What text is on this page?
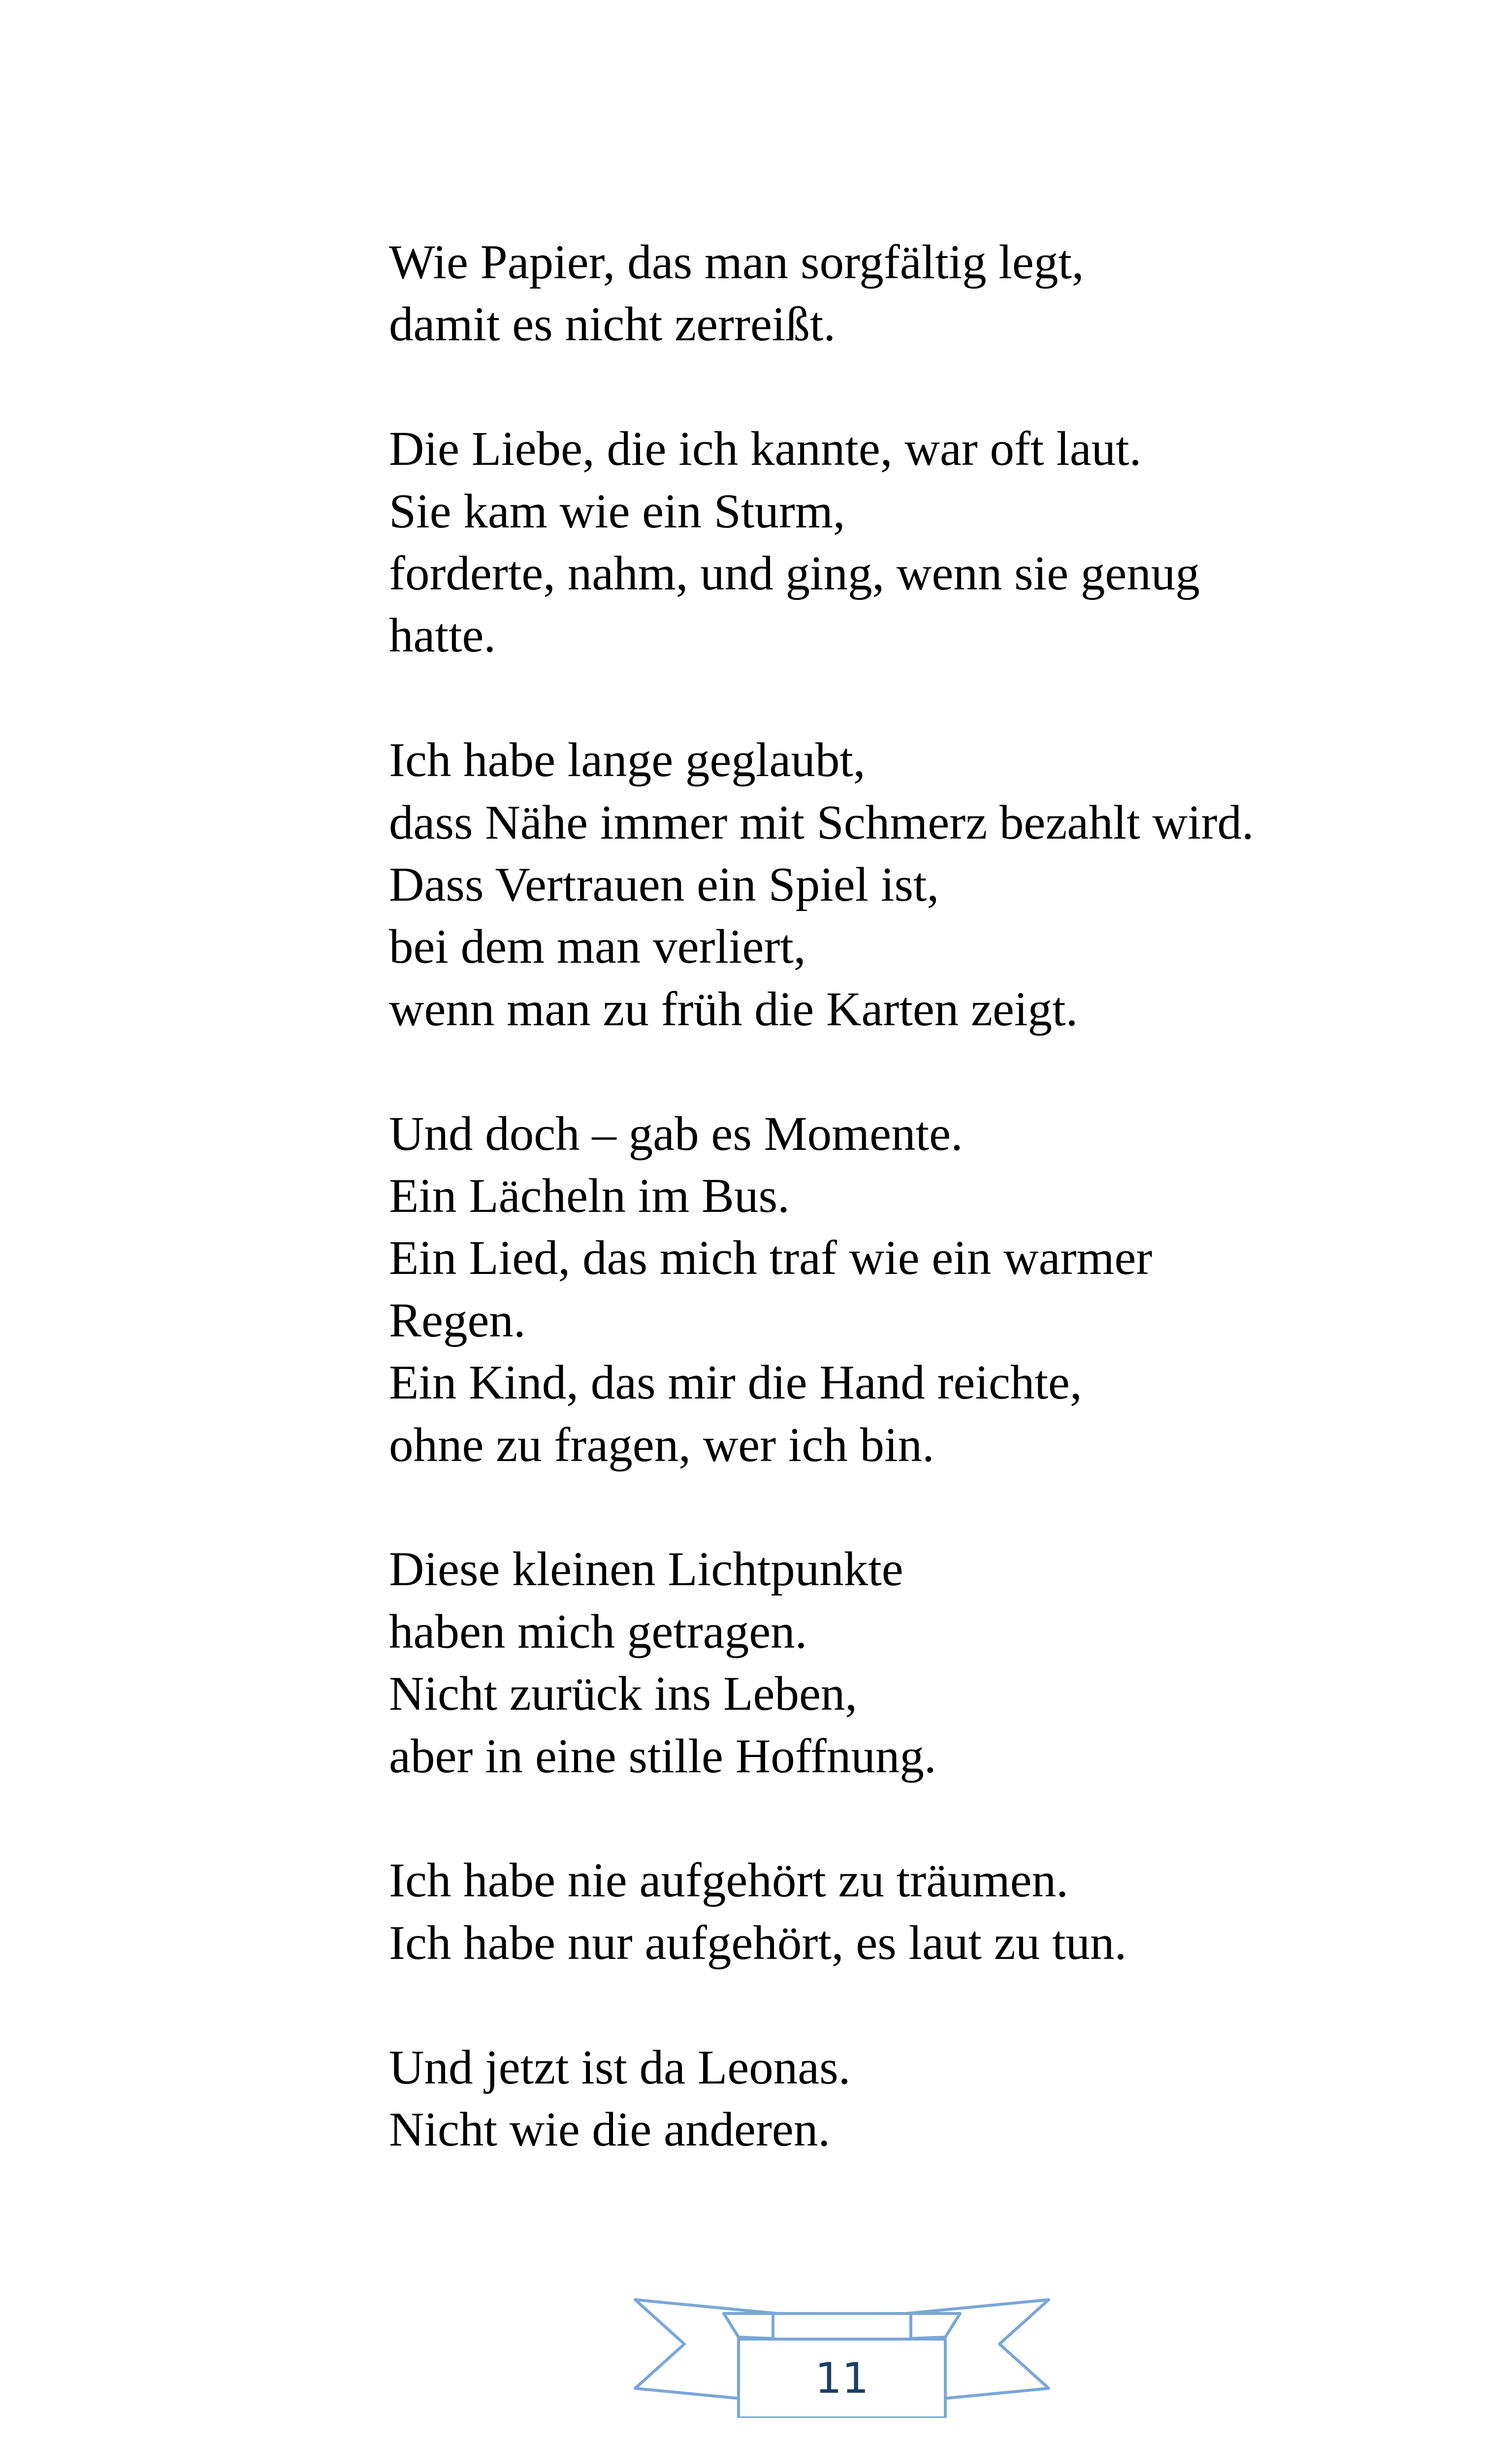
Wie Papier, das man sorgfältig legt,
damit es nicht zerreißt.
Die Liebe, die ich kannte, war oft laut.
Sie kam wie ein Sturm,
forderte, nahm, und ging, wenn sie genug
hatte.
Ich habe lange geglaubt,
dass Nähe immer mit Schmerz bezahlt wird.
Dass Vertrauen ein Spiel ist,
bei dem man verliert,
wenn man zu früh die Karten zeigt.
Und doch – gab es Momente.
Ein Lächeln im Bus.
Ein Lied, das mich traf wie ein warmer
Regen.
Ein Kind, das mir die Hand reichte,
ohne zu fragen, wer ich bin.
Diese kleinen Lichtpunkte
haben mich getragen.
Nicht zurück ins Leben,
aber in eine stille Hoffnung.
Ich habe nie aufgehört zu träumen.
Ich habe nur aufgehört, es laut zu tun.
Und jetzt ist da Leonas.
Nicht wie die anderen.
11
